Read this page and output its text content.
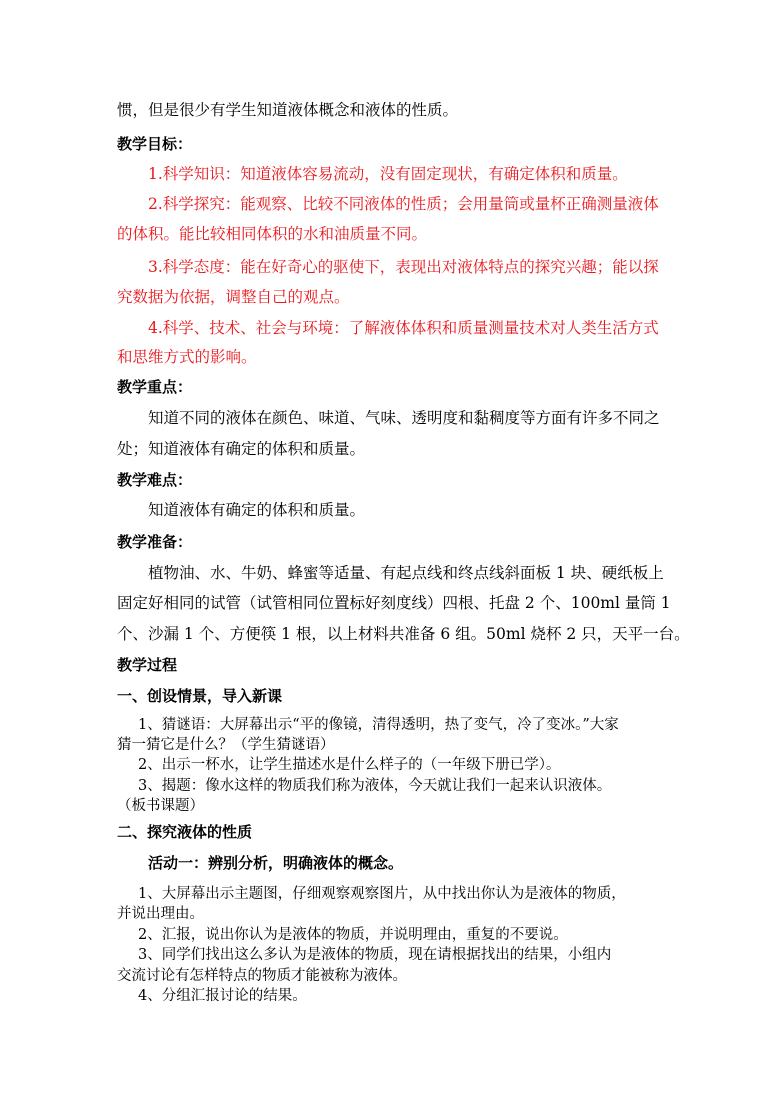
惯，但是很少有学生知道液体概念和液体的性质。
教学目标：
1.科学知识：知道液体容易流动，没有固定现状，有确定体积和质量。
2.科学探究：能观察、比较不同液体的性质；会用量筒或量杯正确测量液体
的体积。能比较相同体积的水和油质量不同。
3.科学态度：能在好奇心的驱使下，表现出对液体特点的探究兴趣；能以探
究数据为依据，调整自己的观点。
4.科学、技术、社会与环境：了解液体体积和质量测量技术对人类生活方式
和思维方式的影响。
教学重点：
知道不同的液体在颜色、味道、气味、透明度和黏稠度等方面有许多不同之
处；知道液体有确定的体积和质量。
教学难点：
知道液体有确定的体积和质量。
教学准备：
植物油、水、牛奶、蜂蜜等适量、有起点线和终点线斜面板 1 块、硬纸板上
固定好相同的试管（试管相同位置标好刻度线）四根、托盘 2 个、100ml 量筒 1
个、沙漏 1 个、方便筷 1 根，以上材料共准备 6 组。50ml 烧杯 2 只，天平一台。
教学过程
一、创设情景，导入新课
1、猜谜语：大屏幕出示“平的像镜，清得透明，热了变气，冷了变冰。”大家
猜一猜它是什么？（学生猜谜语）
2、出示一杯水，让学生描述水是什么样子的（一年级下册已学）。
3、揭题：像水这样的物质我们称为液体，今天就让我们一起来认识液体。
（板书课题）
二、探究液体的性质
活动一：辨别分析，明确液体的概念。
1、大屏幕出示主题图，仔细观察观察图片，从中找出你认为是液体的物质，
并说出理由。
2、汇报，说出你认为是液体的物质，并说明理由，重复的不要说。
3、同学们找出这么多认为是液体的物质，现在请根据找出的结果，小组内
交流讨论有怎样特点的物质才能被称为液体。
4、分组汇报讨论的结果。
